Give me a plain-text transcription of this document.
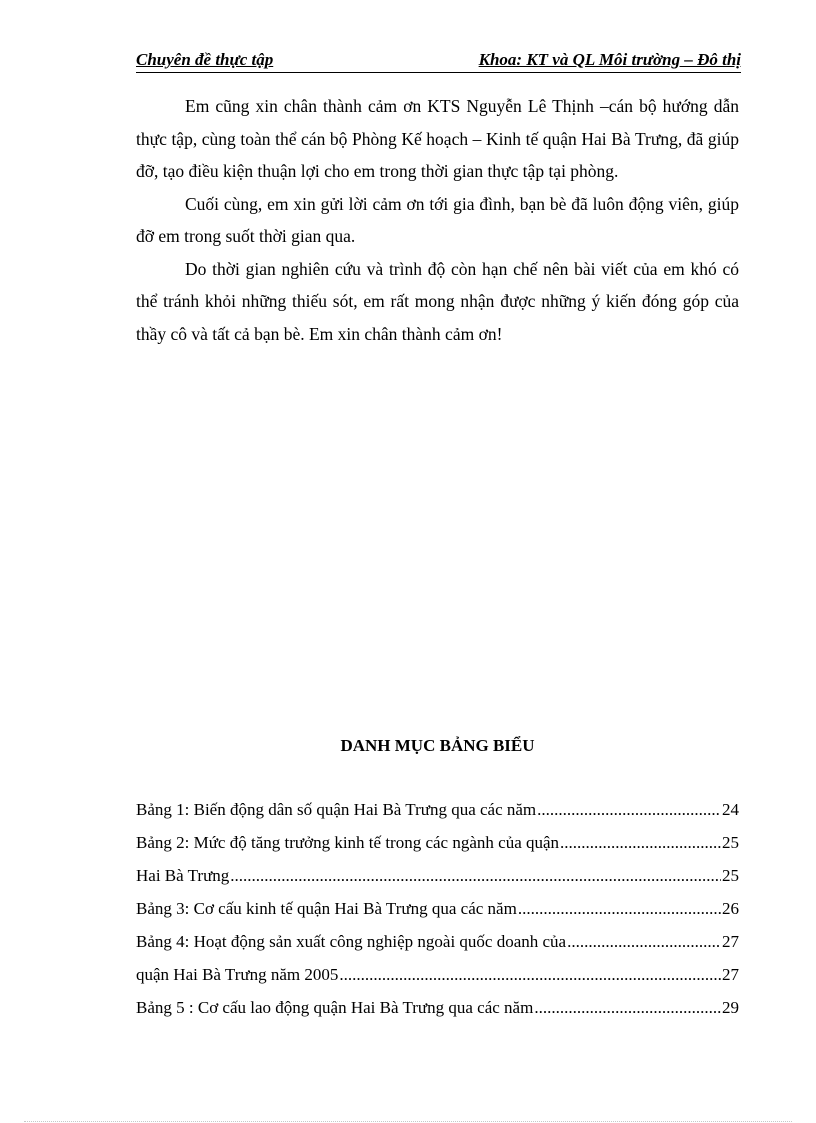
Chuyên đề thực tập	Khoa: KT và QL Môi trường – Đô thị

Em cũng xin chân thành cảm ơn KTS Nguyễn Lê Thịnh –cán bộ hướng dẫn thực tập, cùng toàn thể cán bộ Phòng Kế hoạch – Kinh tế quận Hai Bà Trưng, đã giúp đỡ, tạo điều kiện thuận lợi cho em trong thời gian thực tập tại phòng.

Cuối cùng, em xin gửi lời cảm ơn tới gia đình, bạn bè đã luôn động viên, giúp đỡ em trong suốt thời gian qua.

Do thời gian nghiên cứu và trình độ còn hạn chế nên bài viết của em khó có thể tránh khỏi những thiếu sót, em rất mong nhận được những ý kiến đóng góp của thầy cô và tất cả bạn bè. Em xin chân thành cảm ơn!

DANH MỤC BẢNG BIỂU
Bảng 1: Biến động dân số quận Hai Bà Trưng qua các năm .....	24
Bảng 2: Mức độ tăng trưởng kinh tế trong các ngành của quận .....	25
Hai Bà Trưng .....	25
Bảng 3: Cơ cấu kinh tế quận Hai Bà Trưng qua các năm .....	26
Bảng 4: Hoạt động sản xuất công nghiệp ngoài quốc doanh của .....	27
quận Hai Bà Trưng năm 2005 .....	27
Bảng 5 : Cơ cấu lao động quận Hai Bà Trưng qua các năm .....	29
